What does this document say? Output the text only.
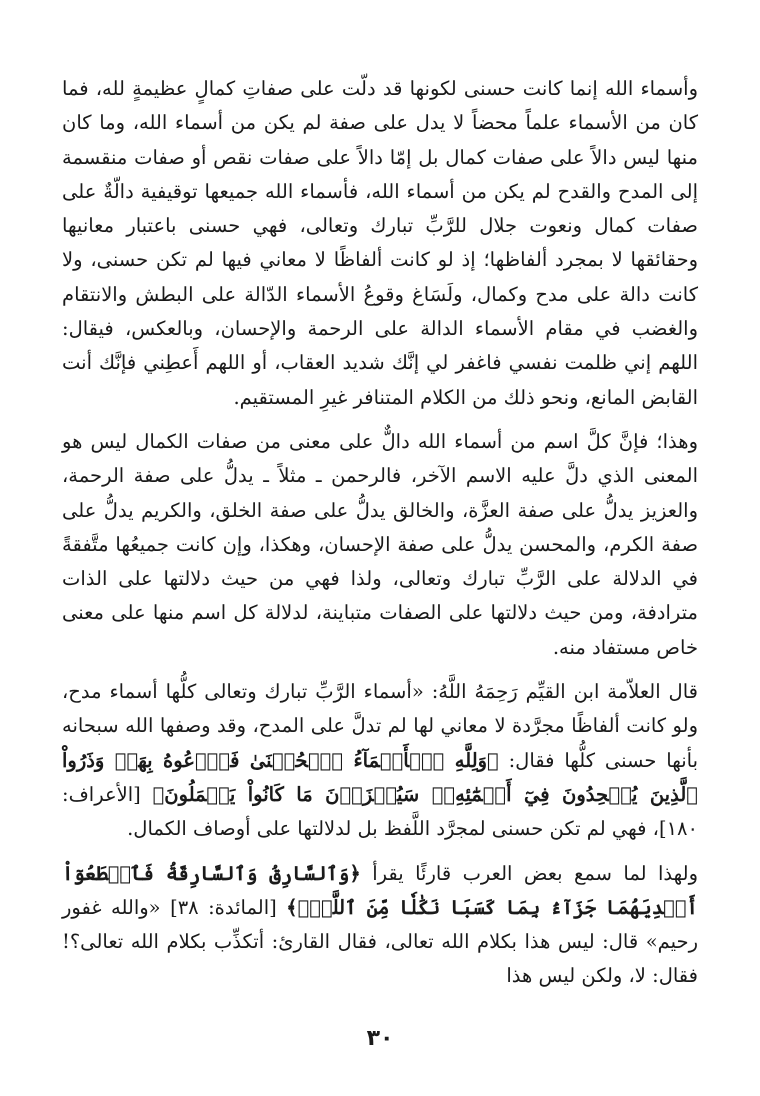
وأسماء الله إنما كانت حسنى لكونها قد دلّت على صفاتِ كمالٍ عظيمةٍ لله، فما كان من الأسماء علماً محضاً لا يدل على صفة لم يكن من أسماء الله، وما كان منها ليس دالاً على صفات كمال بل إمّا دالاً على صفات نقص أو صفات منقسمة إلى المدح والقدح لم يكن من أسماء الله، فأسماء الله جميعها توقيفية دالّةٌ على صفات كمال ونعوت جلال للرَّبِّ تبارك وتعالى، فهي حسنى باعتبار معانيها وحقائقها لا بمجرد ألفاظها؛ إذ لو كانت ألفاظًا لا معاني فيها لم تكن حسنى، ولا كانت دالة على مدح وكمال، ولَسَاغ وقوعُ الأسماء الدّالة على البطش والانتقام والغضب في مقام الأسماء الدالة على الرحمة والإحسان، وبالعكس، فيقال: اللهم إني ظلمت نفسي فاغفر لي إنَّك شديد العقاب، أو اللهم أَعطِني فإنَّك أنت القابض المانع، ونحو ذلك من الكلام المتنافر غيرِ المستقيم.

وهذا؛ فإنَّ كلَّ اسم من أسماء الله دالٌّ على معنى من صفات الكمال ليس هو المعنى الذي دلَّ عليه الاسم الآخر، فالرحمن ـ مثلاً ـ يدلُّ على صفة الرحمة، والعزيز يدلُّ على صفة العزَّة، والخالق يدلُّ على صفة الخلق، والكريم يدلُّ على صفة الكرم، والمحسن يدلُّ على صفة الإحسان، وهكذا، وإن كانت جميعُها متَّفقةً في الدلالة على الرَّبِّ تبارك وتعالى، ولذا فهي من حيث دلالتها على الذات مترادفة، ومن حيث دلالتها على الصفات متباينة، لدلالة كل اسم منها على معنى خاص مستفاد منه.

قال العلاّمة ابن القيِّم رَحِمَهُ اللَّهُ: «أسماء الرَّبِّ تبارك وتعالى كلُّها أسماء مدح، ولو كانت ألفاظًا مجرَّدة لا معاني لها لم تدلَّ على المدح، وقد وصفها الله سبحانه بأنها حسنى كلُّها فقال: ﴿وَلِلَّهِ ٱلۡأَسۡمَآءُ ٱلۡحُسۡنَىٰ فَٱدۡعُوهُ بِهَاۖ وَذَرُواْ ٱلَّذِينَ يُلۡحِدُونَ فِيٓ أَسۡمَٰٓئِهِۦۚ سَيُجۡزَوۡنَ مَا كَانُواْ يَعۡمَلُونَ﴾ [الأعراف: ١٨٠]، فهي لم تكن حسنى لمجرَّد اللَّفظ بل لدلالتها على أوصاف الكمال.

ولهذا لما سمع بعض العرب قارئًا يقرأ ﴿وَٱلسَّارِقُ وَٱلسَّارِقَةُ فَٱقۡطَعُوٓاْ أَيۡدِيَهُمَا جَزَآءَۢ بِمَا كَسَبَا نَكَٰلٗا مِّنَ ٱللَّهِۗ﴾ [المائدة: ٣٨] «والله غفور رحيم» قال: ليس هذا بكلام الله تعالى، فقال القارئ: أتكذِّب بكلام الله تعالى؟! فقال: لا، ولكن ليس هذا

٣٠
